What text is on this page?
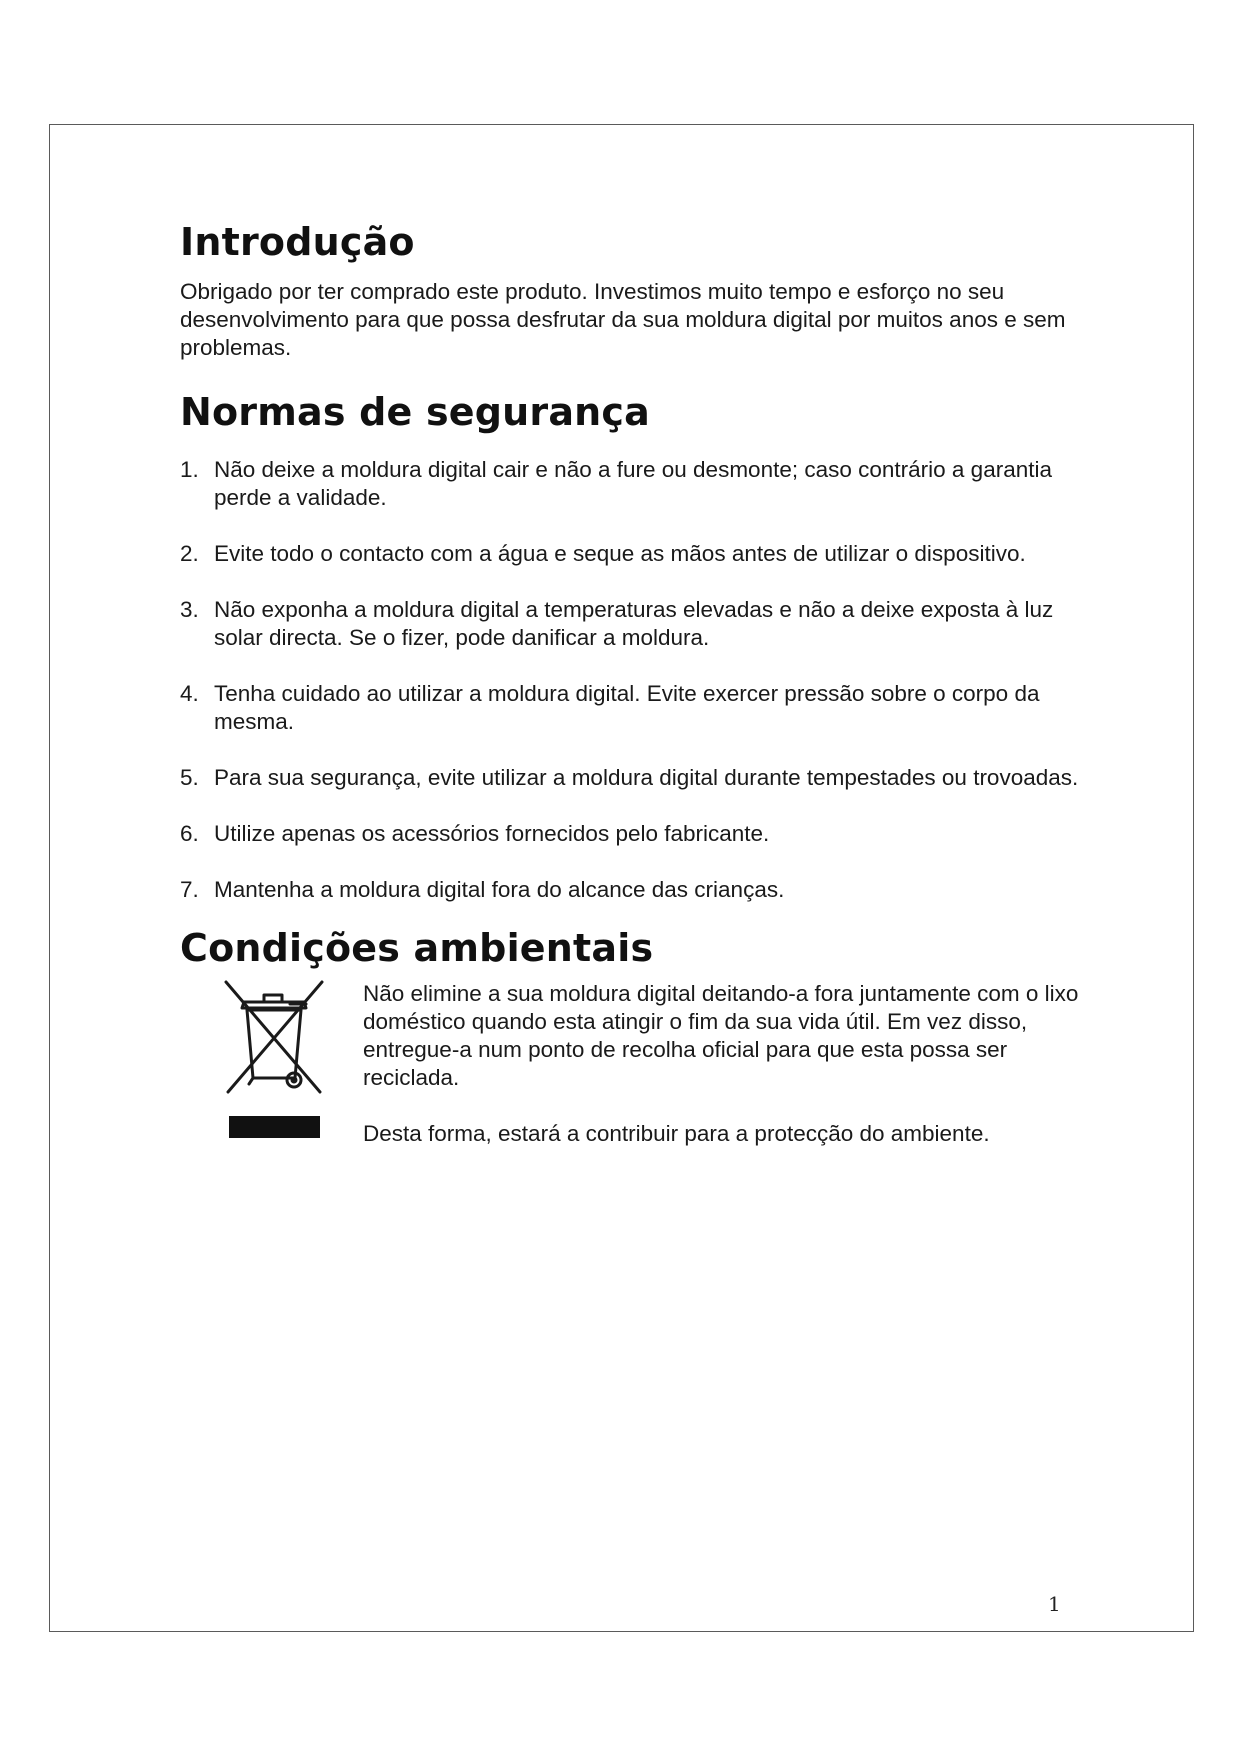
Introdução

Obrigado por ter comprado este produto. Investimos muito tempo e esforço no seu desenvolvimento para que possa desfrutar da sua moldura digital por muitos anos e sem problemas.

Normas de segurança
1. Não deixe a moldura digital cair e não a fure ou desmonte; caso contrário a garantia perde a validade.
2. Evite todo o contacto com a água e seque as mãos antes de utilizar o dispositivo.
3. Não exponha a moldura digital a temperaturas elevadas e não a deixe exposta à luz solar directa. Se o fizer, pode danificar a moldura.
4. Tenha cuidado ao utilizar a moldura digital. Evite exercer pressão sobre o corpo da mesma.
5. Para sua segurança, evite utilizar a moldura digital durante tempestades ou trovoadas.
6. Utilize apenas os acessórios fornecidos pelo fabricante.
7. Mantenha a moldura digital fora do alcance das crianças.
Condições ambientais

Não elimine a sua moldura digital deitando-a fora juntamente com o lixo doméstico quando esta atingir o fim da sua vida útil. Em vez disso, entregue-a num ponto de recolha oficial para que esta possa ser reciclada.

Desta forma, estará a contribuir para a protecção do ambiente.

1
